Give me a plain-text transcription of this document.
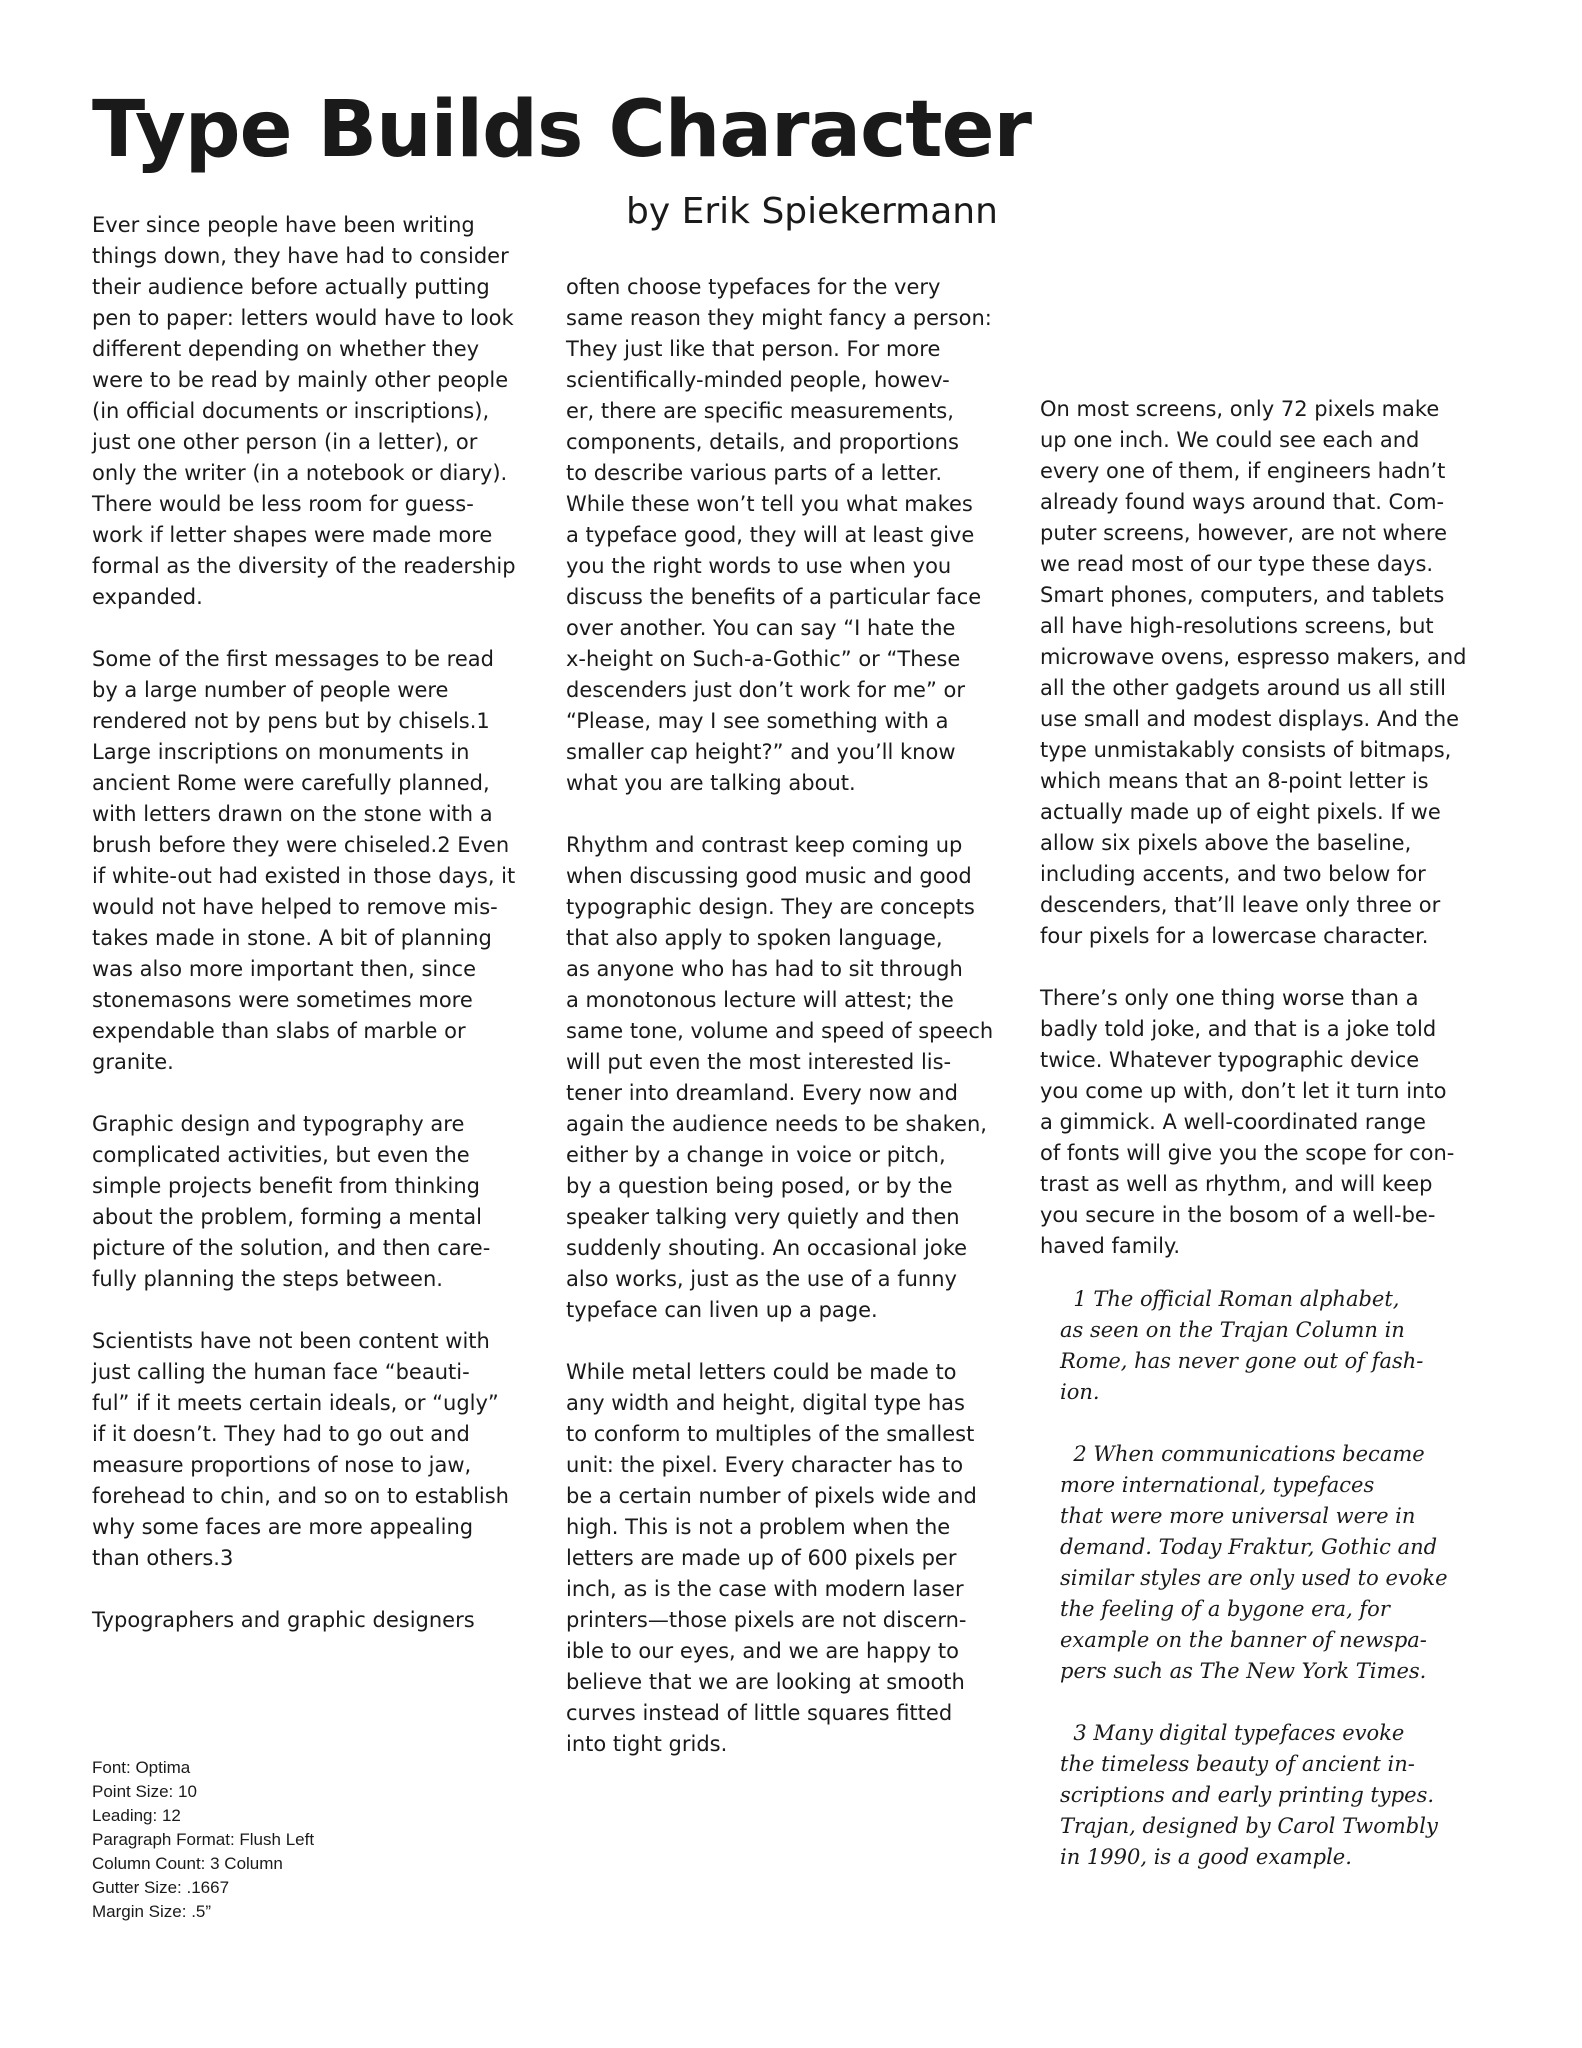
Type Builds Character
by Erik Spiekermann
Ever since people have been writing
things down, they have had to consider
their audience before actually putting
pen to paper: letters would have to look
different depending on whether they
were to be read by mainly other people
(in official documents or inscriptions),
just one other person (in a letter), or
only the writer (in a notebook or diary).
There would be less room for guess-
work if letter shapes were made more
formal as the diversity of the readership
expanded.

Some of the first messages to be read
by a large number of people were
rendered not by pens but by chisels.1
Large inscriptions on monuments in
ancient Rome were carefully planned,
with letters drawn on the stone with a
brush before they were chiseled.2 Even
if white-out had existed in those days, it
would not have helped to remove mis-
takes made in stone. A bit of planning
was also more important then, since
stonemasons were sometimes more
expendable than slabs of marble or
granite.

Graphic design and typography are
complicated activities, but even the
simple projects benefit from thinking
about the problem, forming a mental
picture of the solution, and then care-
fully planning the steps between.

Scientists have not been content with
just calling the human face “beauti-
ful” if it meets certain ideals, or “ugly”
if it doesn’t. They had to go out and
measure proportions of nose to jaw,
forehead to chin, and so on to establish
why some faces are more appealing
than others.3

Typographers and graphic designers
often choose typefaces for the very
same reason they might fancy a person:
They just like that person. For more
scientifically-minded people, howev-
er, there are specific measurements,
components, details, and proportions
to describe various parts of a letter.
While these won’t tell you what makes
a typeface good, they will at least give
you the right words to use when you
discuss the benefits of a particular face
over another. You can say “I hate the
x-height on Such-a-Gothic” or “These
descenders just don’t work for me” or
“Please, may I see something with a
smaller cap height?” and you’ll know
what you are talking about.

Rhythm and contrast keep coming up
when discussing good music and good
typographic design. They are concepts
that also apply to spoken language,
as anyone who has had to sit through
a monotonous lecture will attest; the
same tone, volume and speed of speech
will put even the most interested lis-
tener into dreamland. Every now and
again the audience needs to be shaken,
either by a change in voice or pitch,
by a question being posed, or by the
speaker talking very quietly and then
suddenly shouting. An occasional joke
also works, just as the use of a funny
typeface can liven up a page.

While metal letters could be made to
any width and height, digital type has
to conform to multiples of the smallest
unit: the pixel. Every character has to
be a certain number of pixels wide and
high. This is not a problem when the
letters are made up of 600 pixels per
inch, as is the case with modern laser
printers—those pixels are not discern-
ible to our eyes, and we are happy to
believe that we are looking at smooth
curves instead of little squares fitted
into tight grids.
On most screens, only 72 pixels make
up one inch. We could see each and
every one of them, if engineers hadn’t
already found ways around that. Com-
puter screens, however, are not where
we read most of our type these days.
Smart phones, computers, and tablets
all have high-resolutions screens, but
microwave ovens, espresso makers, and
all the other gadgets around us all still
use small and modest displays. And the
type unmistakably consists of bitmaps,
which means that an 8-point letter is
actually made up of eight pixels. If we
allow six pixels above the baseline,
including accents, and two below for
descenders, that’ll leave only three or
four pixels for a lowercase character.

There’s only one thing worse than a
badly told joke, and that is a joke told
twice. Whatever typographic device
you come up with, don’t let it turn into
a gimmick. A well-coordinated range
of fonts will give you the scope for con-
trast as well as rhythm, and will keep
you secure in the bosom of a well-be-
haved family.
1 The official Roman alphabet,
as seen on the Trajan Column in
Rome, has never gone out of fash-
ion.

2 When communications became
more international, typefaces
that were more universal were in
demand. Today Fraktur, Gothic and
similar styles are only used to evoke
the feeling of a bygone era, for
example on the banner of newspa-
pers such as The New York Times.

3 Many digital typefaces evoke
the timeless beauty of ancient in-
scriptions and early printing types.
Trajan, designed by Carol Twombly
in 1990, is a good example.
Font: Optima
Point Size: 10
Leading: 12
Paragraph Format: Flush Left
Column Count: 3 Column
Gutter Size: .1667
Margin Size: .5”
